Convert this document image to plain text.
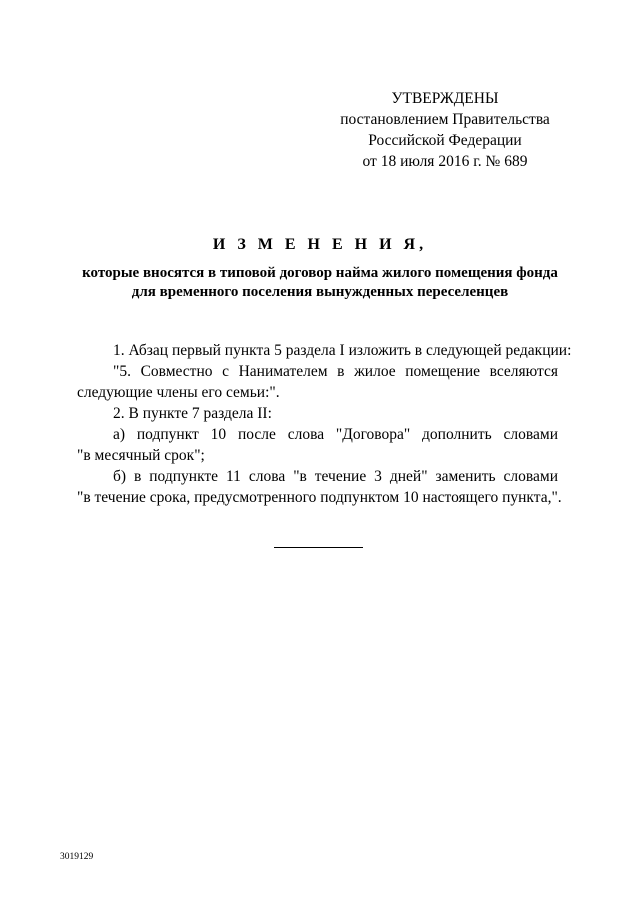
УТВЕРЖДЕНЫ
постановлением Правительства
Российской Федерации
от 18 июля 2016 г. № 689
И З М Е Н Е Н И Я,
которые вносятся в типовой договор найма жилого помещения фонда
для временного поселения вынужденных переселенцев
1. Абзац первый пункта 5 раздела I изложить в следующей редакции:
"5. Совместно с Нанимателем в жилое помещение вселяются
следующие члены его семьи:".
2. В пункте 7 раздела II:
а) подпункт 10 после слова "Договора" дополнить словами
"в месячный срок";
б) в подпункте 11 слова "в течение 3 дней" заменить словами
"в течение срока, предусмотренного подпунктом 10 настоящего пункта,".
3019129
